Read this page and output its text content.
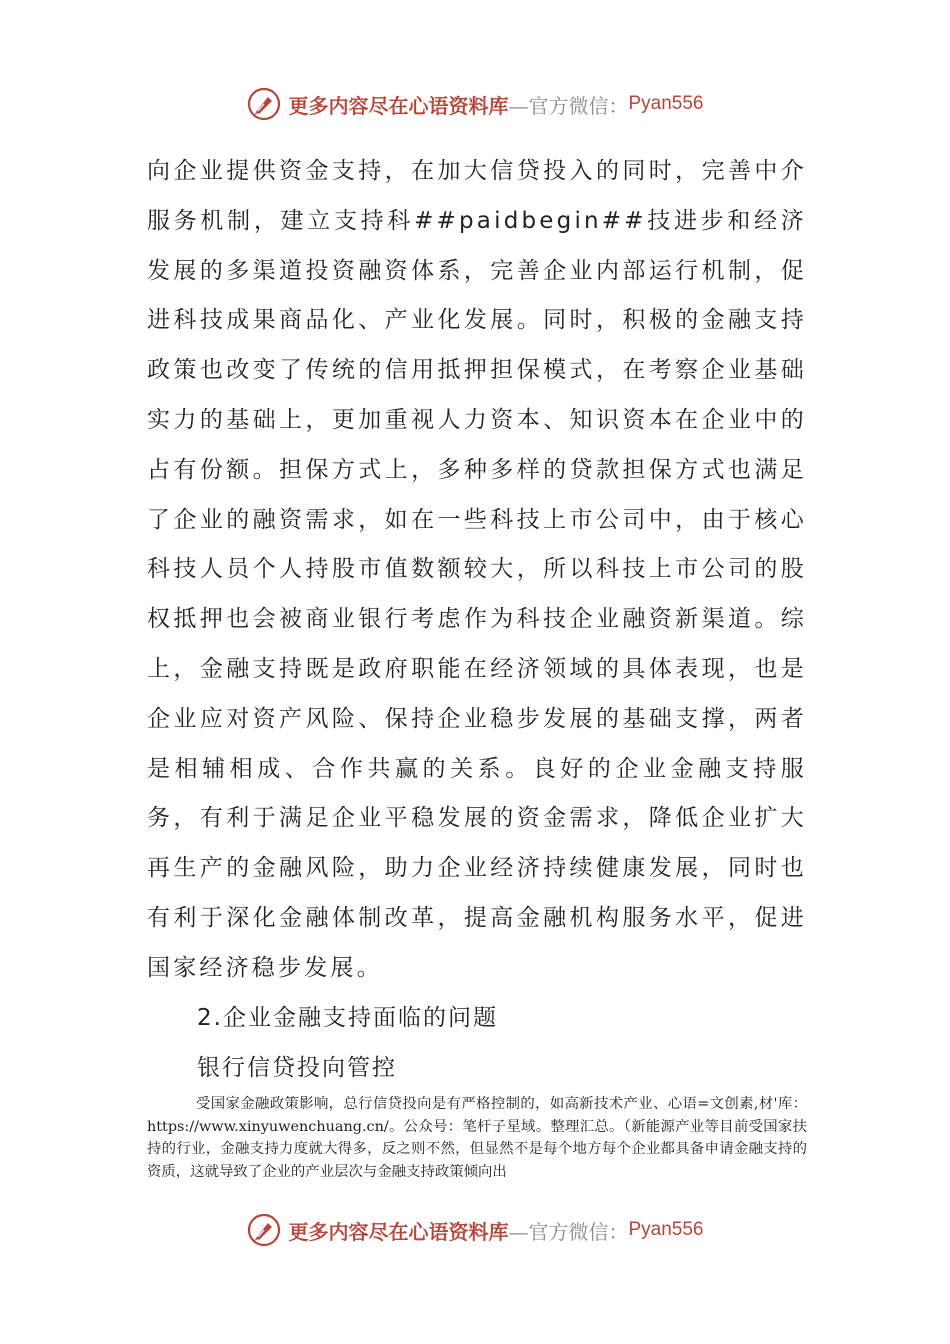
更多内容尽在心语资料库 —官方微信： Pyan556

向企业提供资金支持，在加大信贷投入的同时，完善中介服务机制，建立支持科##paidbegin##技进步和经济发展的多渠道投资融资体系，完善企业内部运行机制，促进科技成果商品化、产业化发展。同时，积极的金融支持政策也改变了传统的信用抵押担保模式，在考察企业基础实力的基础上，更加重视人力资本、知识资本在企业中的占有份额。担保方式上，多种多样的贷款担保方式也满足了企业的融资需求，如在一些科技上市公司中，由于核心科技人员个人持股市值数额较大，所以科技上市公司的股权抵押也会被商业银行考虑作为科技企业融资新渠道。综上，金融支持既是政府职能在经济领域的具体表现，也是企业应对资产风险、保持企业稳步发展的基础支撑，两者是相辅相成、合作共赢的关系。良好的企业金融支持服务，有利于满足企业平稳发展的资金需求，降低企业扩大再生产的金融风险，助力企业经济持续健康发展，同时也有利于深化金融体制改革，提高金融机构服务水平，促进国家经济稳步发展。

2.企业金融支持面临的问题

银行信贷投向管控

受国家金融政策影响，总行信贷投向是有严格控制的，如高新技术产业、心语=文创素,材'库：https://www.xinyuwenchuang.cn/。公众号：笔杆子星域。整理汇总。（新能源产业等目前受国家扶持的行业，金融支持力度就大得多，反之则不然，但显然不是每个地方每个企业都具备申请金融支持的资质，这就导致了企业的产业层次与金融支持政策倾向出

更多内容尽在心语资料库 —官方微信： Pyan556
